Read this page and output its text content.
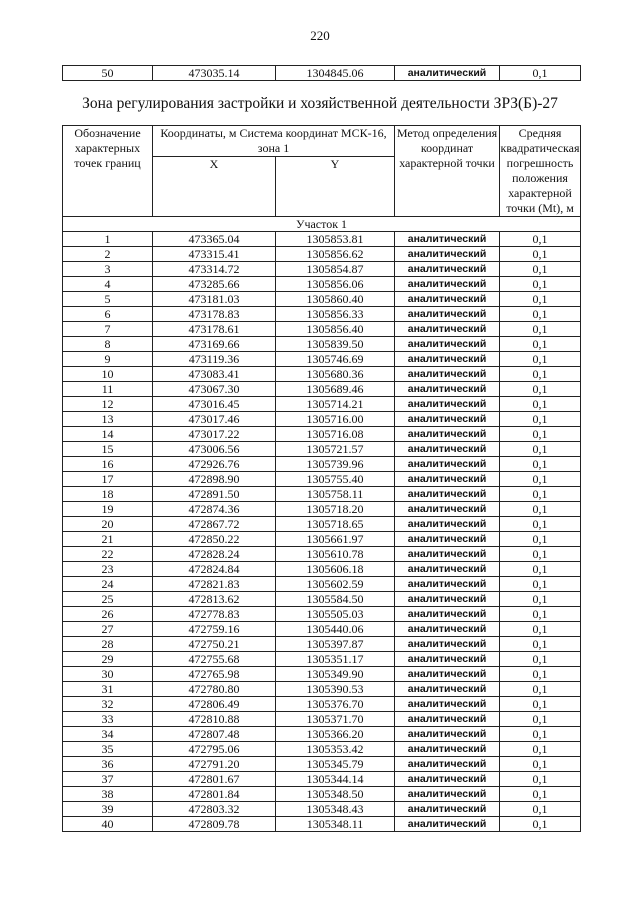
220
50	473035.14	1304845.06	аналитический	0,1
Зона регулирования застройки и хозяйственной деятельности ЗРЗ(Б)-27
Обозначение характерных точек границ	Координаты, м Система координат МСК-16, зона 1		Метод определения координат характерной точки	Средняя квадратическая погрешность положения характерной точки (Mt), м
	X	Y		
Участок 1				
1	473365.04	1305853.81	аналитический	0,1
2	473315.41	1305856.62	аналитический	0,1
3	473314.72	1305854.87	аналитический	0,1
4	473285.66	1305856.06	аналитический	0,1
5	473181.03	1305860.40	аналитический	0,1
6	473178.83	1305856.33	аналитический	0,1
7	473178.61	1305856.40	аналитический	0,1
8	473169.66	1305839.50	аналитический	0,1
9	473119.36	1305746.69	аналитический	0,1
10	473083.41	1305680.36	аналитический	0,1
11	473067.30	1305689.46	аналитический	0,1
12	473016.45	1305714.21	аналитический	0,1
13	473017.46	1305716.00	аналитический	0,1
14	473017.22	1305716.08	аналитический	0,1
15	473006.56	1305721.57	аналитический	0,1
16	472926.76	1305739.96	аналитический	0,1
17	472898.90	1305755.40	аналитический	0,1
18	472891.50	1305758.11	аналитический	0,1
19	472874.36	1305718.20	аналитический	0,1
20	472867.72	1305718.65	аналитический	0,1
21	472850.22	1305661.97	аналитический	0,1
22	472828.24	1305610.78	аналитический	0,1
23	472824.84	1305606.18	аналитический	0,1
24	472821.83	1305602.59	аналитический	0,1
25	472813.62	1305584.50	аналитический	0,1
26	472778.83	1305505.03	аналитический	0,1
27	472759.16	1305440.06	аналитический	0,1
28	472750.21	1305397.87	аналитический	0,1
29	472755.68	1305351.17	аналитический	0,1
30	472765.98	1305349.90	аналитический	0,1
31	472780.80	1305390.53	аналитический	0,1
32	472806.49	1305376.70	аналитический	0,1
33	472810.88	1305371.70	аналитический	0,1
34	472807.48	1305366.20	аналитический	0,1
35	472795.06	1305353.42	аналитический	0,1
36	472791.20	1305345.79	аналитический	0,1
37	472801.67	1305344.14	аналитический	0,1
38	472801.84	1305348.50	аналитический	0,1
39	472803.32	1305348.43	аналитический	0,1
40	472809.78	1305348.11	аналитический	0,1
